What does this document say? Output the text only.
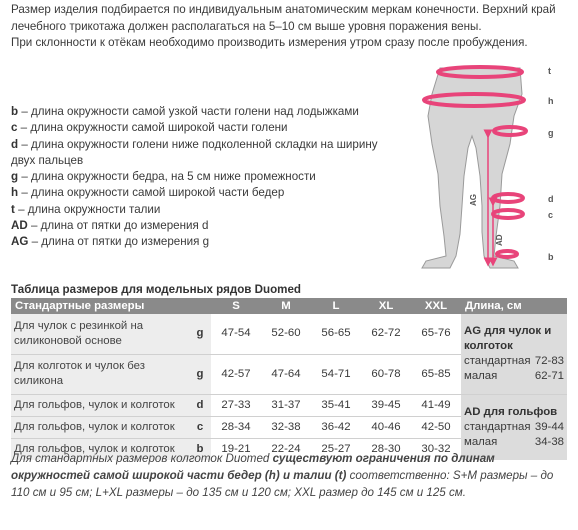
Размер изделия подбирается по индивидуальным анатомическим меркам конечности. Верхний край лечебного трикотажа должен располагаться на 5–10 см выше уровня поражения вены.

При склонности к отёкам необходимо производить измерения утром сразу после пробуждения.

b – длина окружности самой узкой части голени над лодыжками
c – длина окружности самой широкой части голени
d – длина окружности голени ниже подколенной складки на ширину двух пальцев
g – длина окружности бедра, на 5 см ниже промежности
h – длина окружности самой широкой части бедер
t – длина окружности талии
AD – длина от пятки до измерения d
AG – длина от пятки до измерения g
t
h
g
d
c
b
AG
AD
Таблица размеров для модельных рядов Duomed
Стандартные размеры		S	M	L	XL	XXL	Длина, см
Для чулок с резинкой на силиконовой основе	g	47-54	52-60	56-65	62-72	65-76	AG для чулок и колготок
стандартная 72-83
малая 62-71

Для колготок и чулок без силикона	g	42-57	47-64	54-71	60-78	65-85	
Для гольфов, чулок и колготок	d	27-33	31-37	35-41	39-45	41-49	AD для гольфов
стандартная 39-44
малая 34-38

Для гольфов, чулок и колготок	c	28-34	32-38	36-42	40-46	42-50	
Для гольфов, чулок и колготок	b	19-21	22-24	25-27	28-30	30-32	
Для стандартных размеров колготок Duomed существуют ограничения по длинам окружностей самой широкой части бедер (h) и талии (t) соответственно: S+M размеры – до 110 см и 95 см; L+XL размеры – до 135 см и 120 см; XXL размер до 145 см и 125 см.
